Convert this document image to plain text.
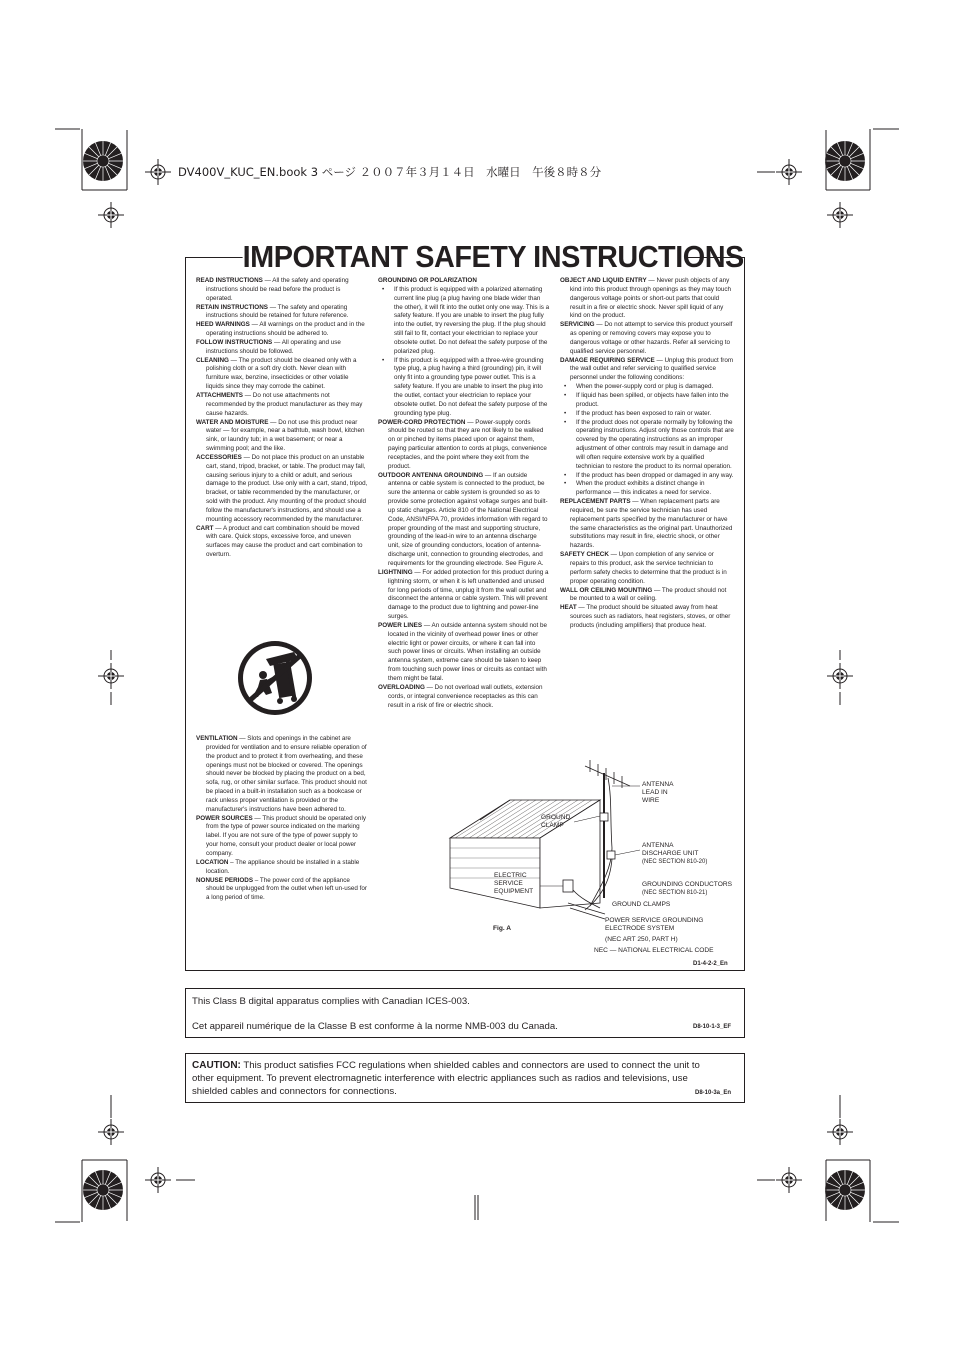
DV400V_KUC_EN.book 3 ページ ２００７年３月１４日　水曜日　午後８時８分
IMPORTANT SAFETY INSTRUCTIONS

READ INSTRUCTIONS — All the safety and operating instructions should be read before the product is operated.

RETAIN INSTRUCTIONS — The safety and operating instructions should be retained for future reference.

HEED WARNINGS — All warnings on the product and in the operating instructions should be adhered to.

FOLLOW INSTRUCTIONS — All operating and use instructions should be followed.

CLEANING — The product should be cleaned only with a polishing cloth or a soft dry cloth. Never clean with furniture wax, benzine, insecticides or other volatile liquids since they may corrode the cabinet.

ATTACHMENTS — Do not use attachments not recommended by the product manufacturer as they may cause hazards.

WATER AND MOISTURE — Do not use this product near water — for example, near a bathtub, wash bowl, kitchen sink, or laundry tub; in a wet basement; or near a swimming pool; and the like.

ACCESSORIES — Do not place this product on an unstable cart, stand, tripod, bracket, or table. The product may fall, causing serious injury to a child or adult, and serious damage to the product. Use only with a cart, stand, tripod, bracket, or table recommended by the manufacturer, or sold with the product. Any mounting of the product should follow the manufacturer's instructions, and should use a mounting accessory recommended by the manufacturer.

CART — A product and cart combination should be moved with care. Quick stops, excessive force, and uneven surfaces may cause the product and cart combination to overturn.

VENTILATION — Slots and openings in the cabinet are provided for ventilation and to ensure reliable operation of the product and to protect it from overheating, and these openings must not be blocked or covered. The openings should never be blocked by placing the product on a bed, sofa, rug, or other similar surface. This product should not be placed in a built-in installation such as a bookcase or rack unless proper ventilation is provided or the manufacturer's instructions have been adhered to.

POWER SOURCES — This product should be operated only from the type of power source indicated on the marking label. If you are not sure of the type of power supply to your home, consult your product dealer or local power company.

LOCATION – The appliance should be installed in a stable location.

NONUSE PERIODS – The power cord of the appliance should be unplugged from the outlet when left un-used for a long period of time.

GROUNDING OR POLARIZATION

• If this product is equipped with a polarized alternating current line plug (a plug having one blade wider than the other), it will fit into the outlet only one way. This is a safety feature. If you are unable to insert the plug fully into the outlet, try reversing the plug. If the plug should still fail to fit, contact your electrician to replace your obsolete outlet. Do not defeat the safety purpose of the polarized plug.

• If this product is equipped with a three-wire grounding type plug, a plug having a third (grounding) pin, it will only fit into a grounding type power outlet. This is a safety feature. If you are unable to insert the plug into the outlet, contact your electrician to replace your obsolete outlet. Do not defeat the safety purpose of the grounding type plug.

POWER-CORD PROTECTION — Power-supply cords should be routed so that they are not likely to be walked on or pinched by items placed upon or against them, paying particular attention to cords at plugs, convenience receptacles, and the point where they exit from the product.

OUTDOOR ANTENNA GROUNDING — If an outside antenna or cable system is connected to the product, be sure the antenna or cable system is grounded so as to provide some protection against voltage surges and built-up static charges. Article 810 of the National Electrical Code, ANSI/NFPA 70, provides information with regard to proper grounding of the mast and supporting structure, grounding of the lead-in wire to an antenna discharge unit, size of grounding conductors, location of antenna-discharge unit, connection to grounding electrodes, and requirements for the grounding electrode. See Figure A.

LIGHTNING — For added protection for this product during a lightning storm, or when it is left unattended and unused for long periods of time, unplug it from the wall outlet and disconnect the antenna or cable system. This will prevent damage to the product due to lightning and power-line surges.

POWER LINES — An outside antenna system should not be located in the vicinity of overhead power lines or other electric light or power circuits, or where it can fall into such power lines or circuits. When installing an outside antenna system, extreme care should be taken to keep from touching such power lines or circuits as contact with them might be fatal.

OVERLOADING — Do not overload wall outlets, extension cords, or integral convenience receptacles as this can result in a risk of fire or electric shock.

OBJECT AND LIQUID ENTRY — Never push objects of any kind into this product through openings as they may touch dangerous voltage points or short-out parts that could result in a fire or electric shock. Never spill liquid of any kind on the product.

SERVICING — Do not attempt to service this product yourself as opening or removing covers may expose you to dangerous voltage or other hazards. Refer all servicing to qualified service personnel.

DAMAGE REQUIRING SERVICE — Unplug this product from the wall outlet and refer servicing to qualified service personnel under the following conditions:

• When the power-supply cord or plug is damaged.

• If liquid has been spilled, or objects have fallen into the product.

• If the product has been exposed to rain or water.

• If the product does not operate normally by following the operating instructions. Adjust only those controls that are covered by the operating instructions as an improper adjustment of other controls may result in damage and will often require extensive work by a qualified technician to restore the product to its normal operation.

• If the product has been dropped or damaged in any way.

• When the product exhibits a distinct change in performance — this indicates a need for service.

REPLACEMENT PARTS — When replacement parts are required, be sure the service technician has used replacement parts specified by the manufacturer or have the same characteristics as the original part. Unauthorized substitutions may result in fire, electric shock, or other hazards.

SAFETY CHECK — Upon completion of any service or repairs to this product, ask the service technician to perform safety checks to determine that the product is in proper operating condition.

WALL OR CEILING MOUNTING — The product should not be mounted to a wall or ceiling.

HEAT — The product should be situated away from heat sources such as radiators, heat registers, stoves, or other products (including amplifiers) that produce heat.

ANTENNA
LEAD IN
WIRE
GROUND
CLAMP
ANTENNA
DISCHARGE UNIT
(NEC SECTION 810-20)
ELECTRIC
SERVICE
EQUIPMENT
GROUNDING CONDUCTORS
(NEC SECTION 810-21)
GROUND CLAMPS
POWER SERVICE GROUNDING
ELECTRODE SYSTEM
(NEC ART 250, PART H)
NEC — NATIONAL ELECTRICAL CODE
Fig. A
D1-4-2-2_En
This Class B digital apparatus complies with Canadian ICES-003.
Cet appareil numérique de la Classe B est conforme à la norme NMB-003 du Canada.	D8-10-1-3_EF
CAUTION: This product satisfies FCC regulations when shielded cables and connectors are used to connect the unit to other equipment. To prevent electromagnetic interference with electric appliances such as radios and televisions, use shielded cables and connectors for connections.	D8-10-3a_En
